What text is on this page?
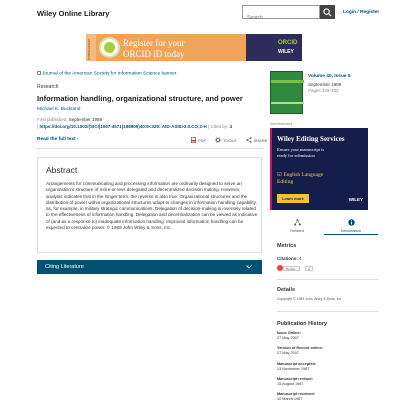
Wiley Online Library
Search	Login / Register
ADVERTISEMENT	Register for your
ORCID iD today
ORCID
WILEY
Journal of the American Society for Information Science banner
Research
Information handling, organizational structure, and power
Michael K. Buckland
First published: September 1989
| https://doi.org/10.1002/(SICI)1097-4571(198909)40:5<329::AID-ASI5>3.0.CO;2-H | Cited by: 4
Read the full text ›	PDF	TOOLS	SHARE
Abstract
Arrangements for communicating and processing information are ordinarily designed to serve an organization's structure of more-or-less delegated and decentralized decision making. However, analysis indicates that in the longer term, the reverse is also true: Organizational structures and the distribution of power within organizational structures adapt to changes in information handling capability, as, for example, in military strategic communications. Delegation of decision-making is inversely related to the effectiveness of information handling. Delegation and decentralization can be viewed as indicative of (and as a response to) inadequate information handling. Improved information handling can be expected to centralize power. © 1989 John Wiley & Sons, Inc.
Citing Literature
Volume 40, Issue 5
September 1989
Pages 329-333
Advertisement
Wiley Editing Services
Ensure your manuscript is
ready for submission
☑ English Language
Editing
Learn more	WILEY
Related	Information
Metrics
Citations: 4
Details	1
Details
Copyright © 1989 John Wiley & Sons, Inc.
Publication History
Issue Online:
27 May 2007
Version of Record online:
27 May 2007
Manuscript accepted:
13 November 1987
Manuscript revised:
15 August 1987
Manuscript received:
10 March 1987
